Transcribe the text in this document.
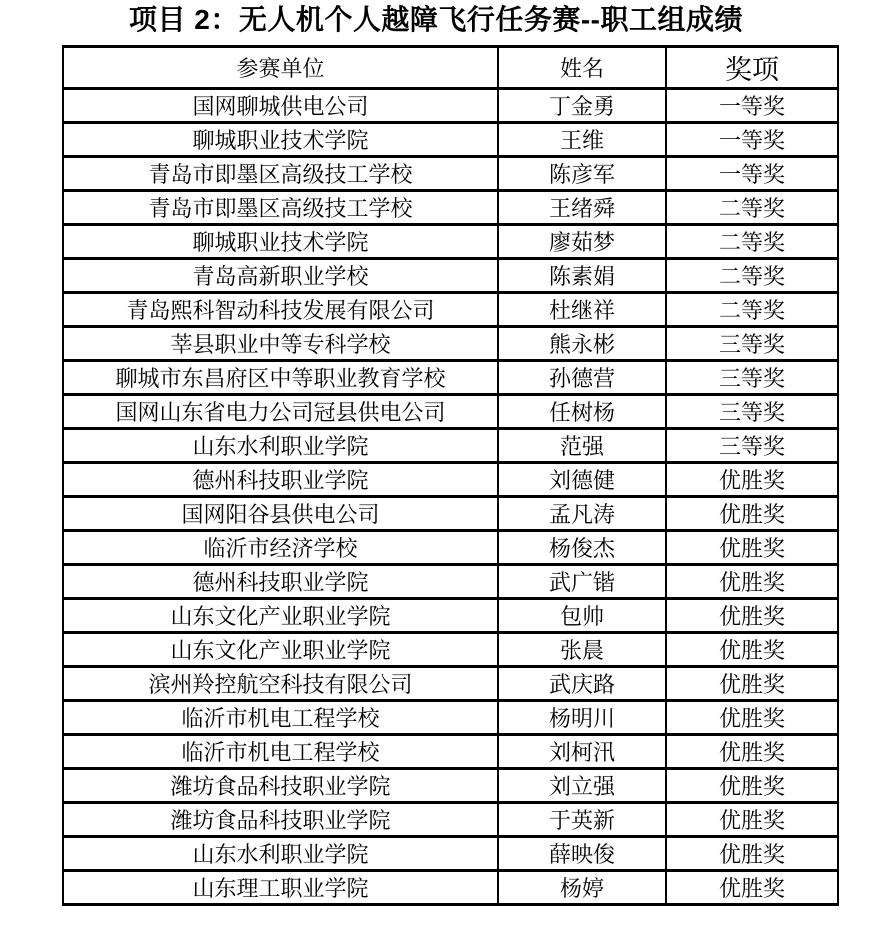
项目 2：无人机个人越障飞行任务赛--职工组成绩
参赛单位	姓名	奖项
国网聊城供电公司	丁金勇	一等奖
聊城职业技术学院	王维	一等奖
青岛市即墨区高级技工学校	陈彦军	一等奖
青岛市即墨区高级技工学校	王绪舜	二等奖
聊城职业技术学院	廖茹梦	二等奖
青岛高新职业学校	陈素娟	二等奖
青岛熙科智动科技发展有限公司	杜继祥	二等奖
莘县职业中等专科学校	熊永彬	三等奖
聊城市东昌府区中等职业教育学校	孙德营	三等奖
国网山东省电力公司冠县供电公司	任树杨	三等奖
山东水利职业学院	范强	三等奖
德州科技职业学院	刘德健	优胜奖
国网阳谷县供电公司	孟凡涛	优胜奖
临沂市经济学校	杨俊杰	优胜奖
德州科技职业学院	武广锴	优胜奖
山东文化产业职业学院	包帅	优胜奖
山东文化产业职业学院	张晨	优胜奖
滨州羚控航空科技有限公司	武庆路	优胜奖
临沂市机电工程学校	杨明川	优胜奖
临沂市机电工程学校	刘柯汛	优胜奖
潍坊食品科技职业学院	刘立强	优胜奖
潍坊食品科技职业学院	于英新	优胜奖
山东水利职业学院	薛映俊	优胜奖
山东理工职业学院	杨婷	优胜奖
